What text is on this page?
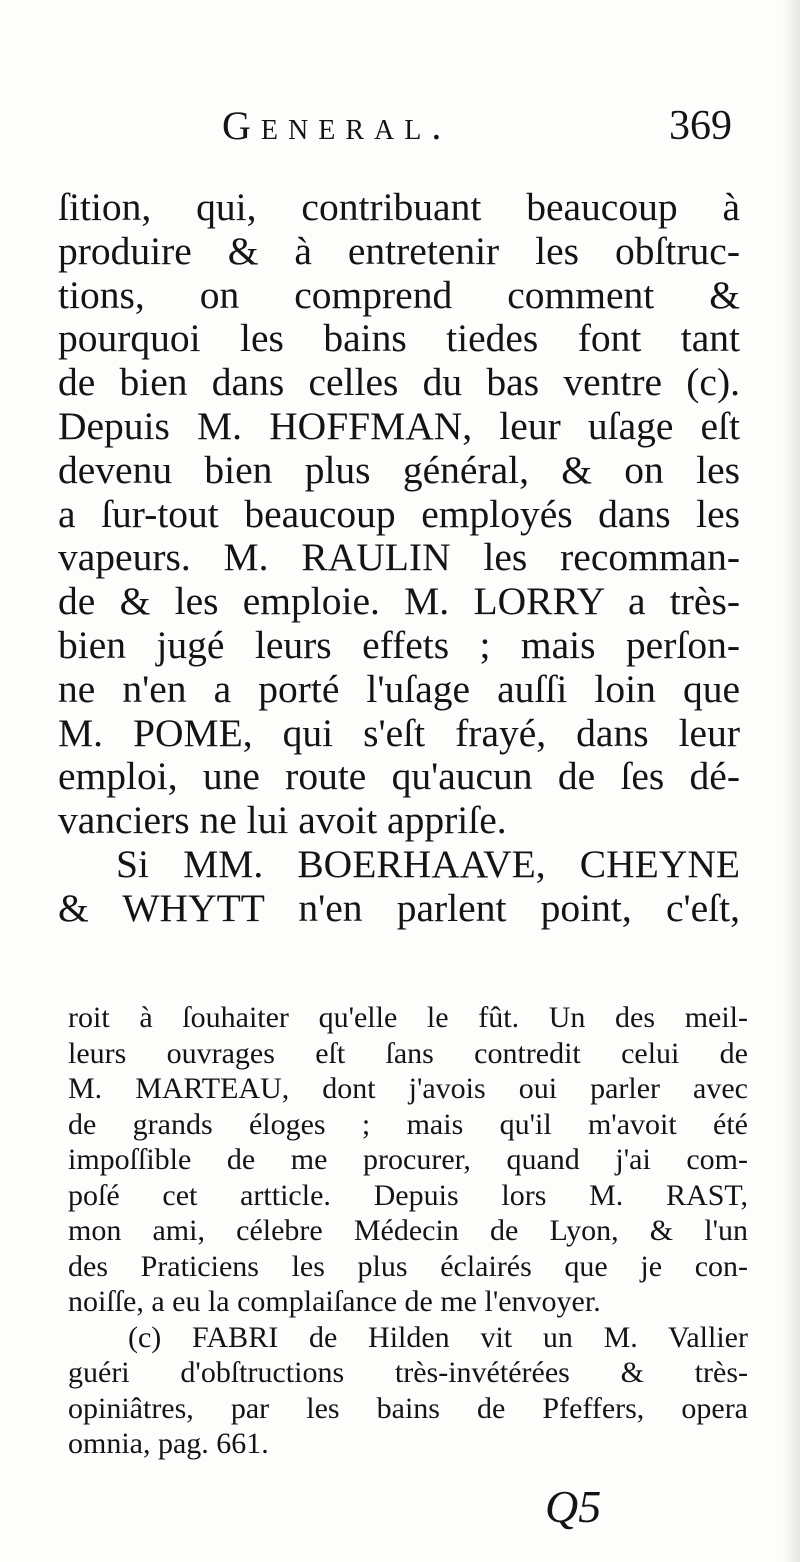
General.	369
ſition, qui, contribuant beaucoup à
produire & à entretenir les obſtruc-
tions, on comprend comment &
pourquoi les bains tiedes font tant
de bien dans celles du bas ventre (c).
Depuis M. HOFFMAN, leur uſage eſt
devenu bien plus général, & on les
a ſur-tout beaucoup employés dans les
vapeurs. M. RAULIN les recomman-
de & les emploie. M. LORRY a très-
bien jugé leurs effets ; mais perſon-
ne n'en a porté l'uſage auſſi loin que
M. POME, qui s'eſt frayé, dans leur
emploi, une route qu'aucun de ſes dé-
vanciers ne lui avoit appriſe.
Si MM. BOERHAAVE, CHEYNE
& WHYTT n'en parlent point, c'eſt,
roit à ſouhaiter qu'elle le fût. Un des meil-
leurs ouvrages eſt ſans contredit celui de
M. MARTEAU, dont j'avois oui parler avec
de grands éloges ; mais qu'il m'avoit été
impoſſible de me procurer, quand j'ai com-
poſé cet artticle. Depuis lors M. RAST,
mon ami, célebre Médecin de Lyon, & l'un
des Praticiens les plus éclairés que je con-
noiſſe, a eu la complaiſance de me l'envoyer.
(c) FABRI de Hilden vit un M. Vallier
guéri d'obſtructions très-invétérées & très-
opiniâtres, par les bains de Pfeffers, opera
omnia, pag. 661.
Q5
